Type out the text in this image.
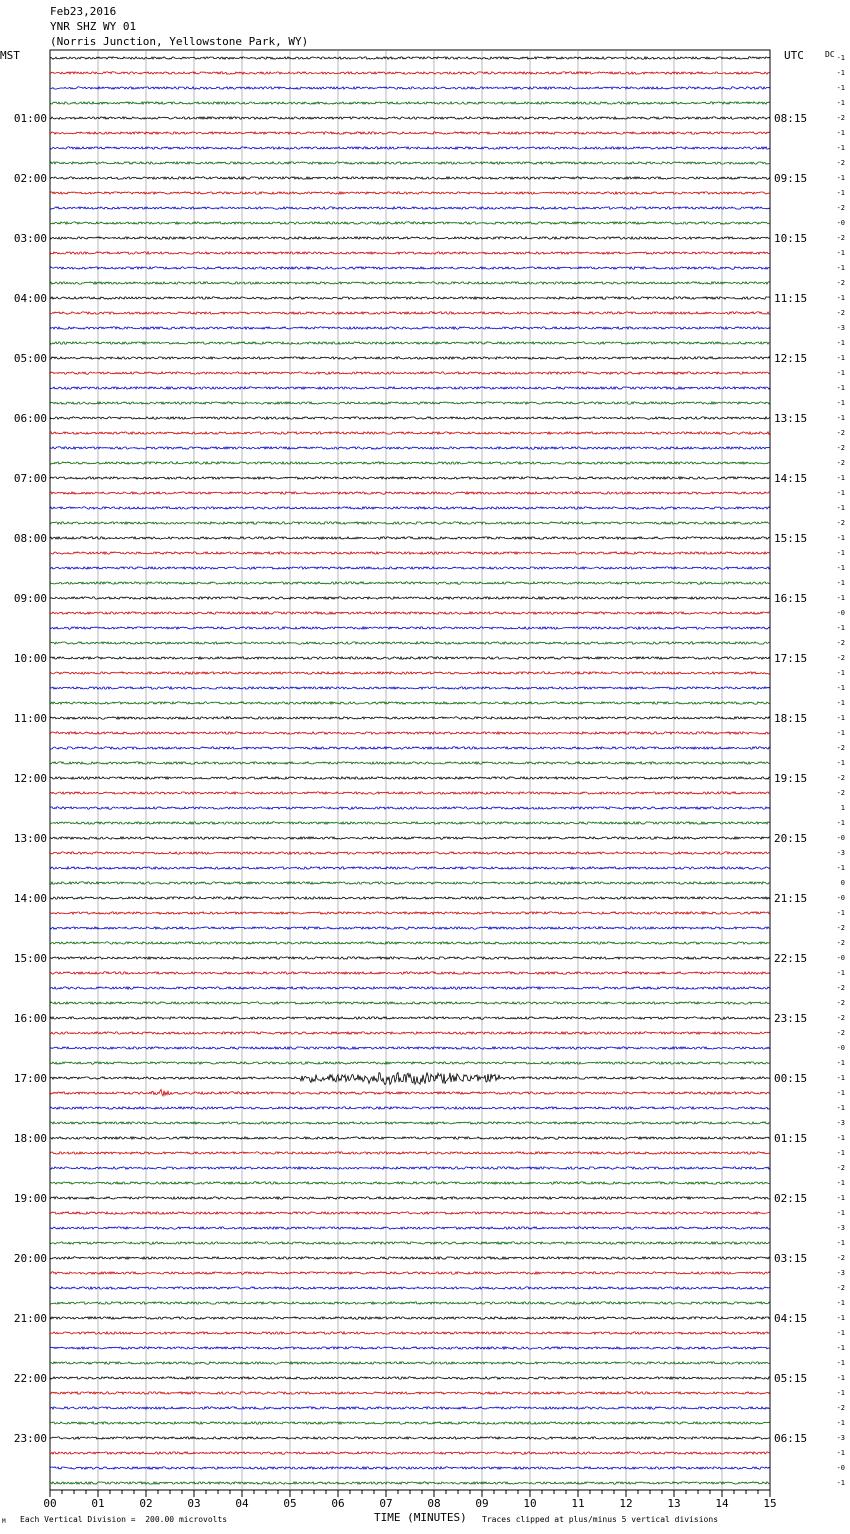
Feb23,2016
YNR SHZ WY 01
(Norris Junction, Yellowstone Park, WY)
MST	UTC	DC -1
-1
-1
-1
-2
-1
-1
-2
-1
-1
-2
-0
-2
-1
-1
-2
-1
-2
-3
-1
-1
-1
-1
-1
-1
-2
-2
-2
-1
-1
-1
-2
-1
-1
-1
-1
-1
-0
-1
-2
-2
-1
-1
-1
-1
-1
-2
-1
-2
-2
1
-1
-0
-3
-1
0
-0
-1
-2
-2
-0
-1
-2
-2
-2
-2
-0
-1
-1
-1
-1
-3
-1
-1
-2
-1
-1
-1
-3
-1
-2
-3
-2
-1
-1
-1
-1
-1
-1
-1
-2
-1
-3
-1
-0
-1
01:00
02:00
03:00
04:00
05:00
06:00
07:00
08:00
09:00
10:00
11:00
12:00
13:00
14:00
15:00
16:00
17:00
18:00
19:00
20:00
21:00
22:00
23:00
08:15
09:15
10:15
11:15
12:15
13:15
14:15
15:15
16:15
17:15
18:15
19:15
20:15
21:15
22:15
23:15
00:15
01:15
02:15
03:15
04:15
05:15
06:15
00	01	02	03	04	05	06	07	08	09	10	11	12	13	14	15
TIME (MINUTES)
Each Vertical Division =  200.00 microvolts	Traces clipped at plus/minus 5 vertical divisions
M
